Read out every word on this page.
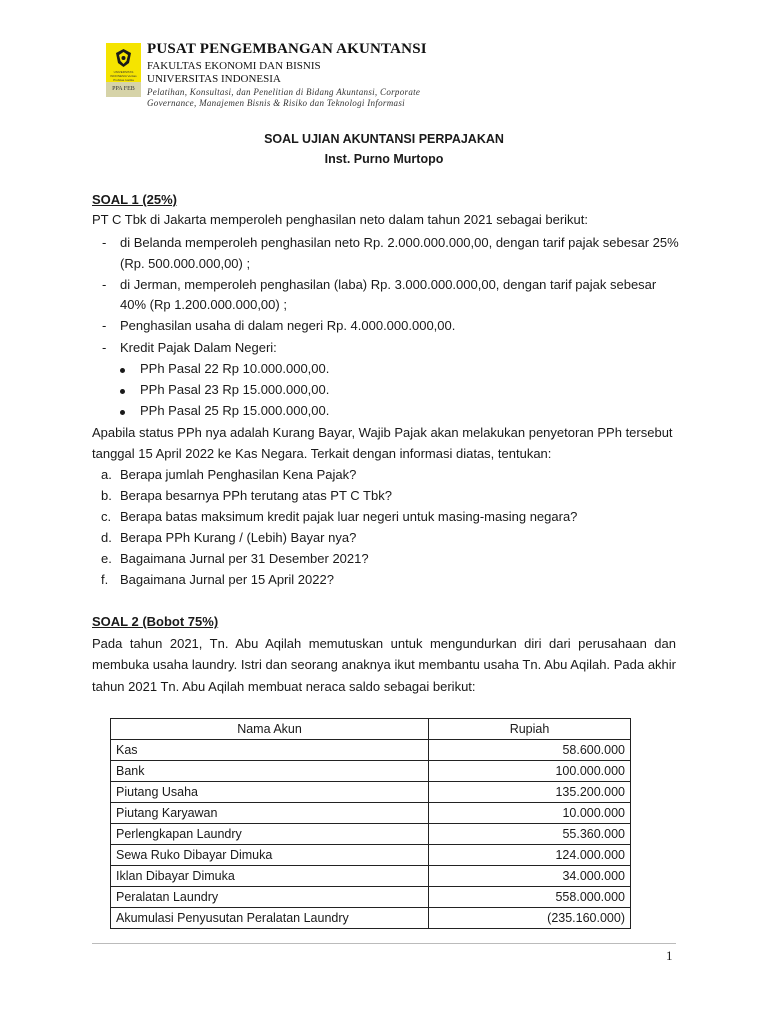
UNIVERSITAS INDONESIA Veritas Probitas Iustitia
PPA FEB
PUSAT PENGEMBANGAN AKUNTANSI
FAKULTAS EKONOMI DAN BISNIS
UNIVERSITAS INDONESIA
Pelatihan, Konsultasi, dan Penelitian di Bidang Akuntansi, Corporate
Governance, Manajemen Bisnis & Risiko dan Teknologi Informasi
SOAL UJIAN AKUNTANSI PERPAJAKAN
Inst. Purno Murtopo
SOAL 1 (25%)
PT C Tbk di Jakarta memperoleh penghasilan neto dalam tahun 2021 sebagai berikut:
- di Belanda memperoleh penghasilan neto Rp. 2.000.000.000,00, dengan tarif pajak sebesar 25%
(Rp. 500.000.000,00) ;
- di Jerman, memperoleh penghasilan (laba) Rp. 3.000.000.000,00, dengan tarif pajak sebesar
40% (Rp 1.200.000.000,00) ;
- Penghasilan usaha di dalam negeri Rp. 4.000.000.000,00.
- Kredit Pajak Dalam Negeri:
PPh Pasal 22 Rp 10.000.000,00.
PPh Pasal 23 Rp 15.000.000,00.
PPh Pasal 25 Rp 15.000.000,00.
Apabila status PPh nya adalah Kurang Bayar, Wajib Pajak akan melakukan penyetoran PPh tersebut
tanggal 15 April 2022 ke Kas Negara. Terkait dengan informasi diatas, tentukan:
a. Berapa jumlah Penghasilan Kena Pajak?
b. Berapa besarnya PPh terutang atas PT C Tbk?
c. Berapa batas maksimum kredit pajak luar negeri untuk masing-masing negara?
d. Berapa PPh Kurang / (Lebih) Bayar nya?
e. Bagaimana Jurnal per 31 Desember 2021?
f. Bagaimana Jurnal per 15 April 2022?
SOAL 2 (Bobot 75%)
Pada tahun 2021, Tn. Abu Aqilah memutuskan untuk mengundurkan diri dari perusahaan dan
membuka usaha laundry. Istri dan seorang anaknya ikut membantu usaha Tn. Abu Aqilah. Pada akhir
tahun 2021 Tn. Abu Aqilah membuat neraca saldo sebagai berikut:
Nama Akun	Rupiah
Kas	58.600.000
Bank	100.000.000
Piutang Usaha	135.200.000
Piutang Karyawan	10.000.000
Perlengkapan Laundry	55.360.000
Sewa Ruko Dibayar Dimuka	124.000.000
Iklan Dibayar Dimuka	34.000.000
Peralatan Laundry	558.000.000
Akumulasi Penyusutan Peralatan Laundry	(235.160.000)
1
